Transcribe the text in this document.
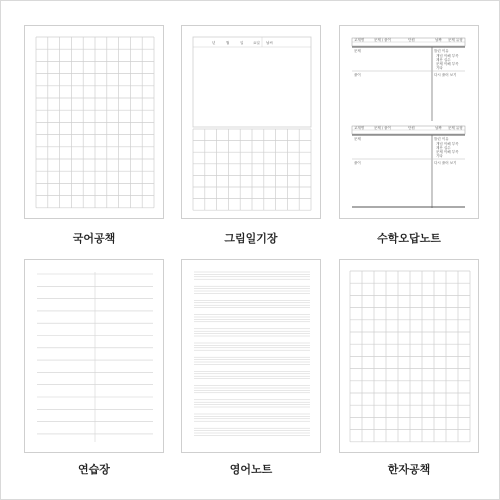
국어공책
년	월	일	요일 날씨
그림일기장
교재명	문제 / 풀이	단원	날짜 문제 유형
문제	틀린 이유
개념 이해 부족
계산 실수
문제 이해 부족
기타
풀이	다시 풀어 보기
교재명	문제 / 풀이	단원	날짜 문제 유형
문제	틀린 이유
개념 이해 부족
계산 실수
문제 이해 부족
기타
풀이	다시 풀어 보기
수학오답노트
연습장	영어노트	한자공책
